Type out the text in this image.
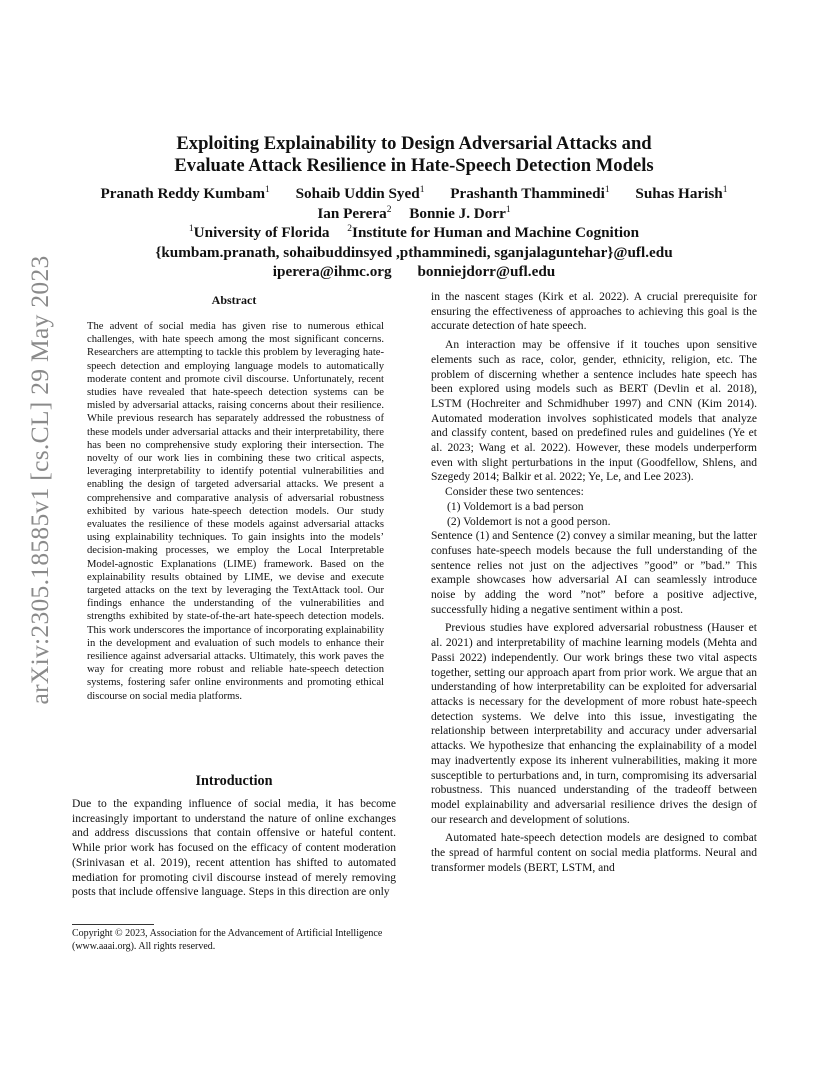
arXiv:2305.18585v1 [cs.CL] 29 May 2023
Exploiting Explainability to Design Adversarial Attacks and
Evaluate Attack Resilience in Hate-Speech Detection Models
Pranath Reddy Kumbam$^1$ Sohaib Uddin Syed$^1$ Prashanth Thamminedi$^1$ Suhas Harish$^1$
Ian Perera$^2$ Bonnie J. Dorr$^1$
$^1$University of Florida $^2$Institute for Human and Machine Cognition
{kumbam.pranath, sohaibuddinsyed ,pthamminedi, sganjalaguntehar}@ufl.edu
iperera@ihmc.org bonniejdorr@ufl.edu
Abstract
The advent of social media has given rise to numerous ethical challenges, with hate speech among the most significant concerns. Researchers are attempting to tackle this problem by leveraging hate-speech detection and employing language models to automatically moderate content and promote civil discourse. Unfortunately, recent studies have revealed that hate-speech detection systems can be misled by adversarial attacks, raising concerns about their resilience. While previous research has separately addressed the robustness of these models under adversarial attacks and their interpretability, there has been no comprehensive study exploring their intersection. The novelty of our work lies in combining these two critical aspects, leveraging interpretability to identify potential vulnerabilities and enabling the design of targeted adversarial attacks. We present a comprehensive and comparative analysis of adversarial robustness exhibited by various hate-speech detection models. Our study evaluates the resilience of these models against adversarial attacks using explainability techniques. To gain insights into the models’ decision-making processes, we employ the Local Interpretable Model-agnostic Explanations (LIME) framework. Based on the explainability results obtained by LIME, we devise and execute targeted attacks on the text by leveraging the TextAttack tool. Our findings enhance the understanding of the vulnerabilities and strengths exhibited by state-of-the-art hate-speech detection models. This work underscores the importance of incorporating explainability in the development and evaluation of such models to enhance their resilience against adversarial attacks. Ultimately, this work paves the way for creating more robust and reliable hate-speech detection systems, fostering safer online environments and promoting ethical discourse on social media platforms.
Introduction

Due to the expanding influence of social media, it has become increasingly important to understand the nature of online exchanges and address discussions that contain offensive or hateful content. While prior work has focused on the efficacy of content moderation (Srinivasan et al. 2019), recent attention has shifted to automated mediation for promoting civil discourse instead of merely removing posts that include offensive language. Steps in this direction are only

Copyright © 2023, Association for the Advancement of Artificial Intelligence (www.aaai.org). All rights reserved.

in the nascent stages (Kirk et al. 2022). A crucial prerequisite for ensuring the effectiveness of approaches to achieving this goal is the accurate detection of hate speech.

An interaction may be offensive if it touches upon sensitive elements such as race, color, gender, ethnicity, religion, etc. The problem of discerning whether a sentence includes hate speech has been explored using models such as BERT (Devlin et al. 2018), LSTM (Hochreiter and Schmidhuber 1997) and CNN (Kim 2014). Automated moderation involves sophisticated models that analyze and classify content, based on predefined rules and guidelines (Ye et al. 2023; Wang et al. 2022). However, these models underperform even with slight perturbations in the input (Goodfellow, Shlens, and Szegedy 2014; Balkir et al. 2022; Ye, Le, and Lee 2023).

Consider these two sentences:

(1) Voldemort is a bad person

(2) Voldemort is not a good person.

Sentence (1) and Sentence (2) convey a similar meaning, but the latter confuses hate-speech models because the full understanding of the sentence relies not just on the adjectives ”good” or ”bad.” This example showcases how adversarial AI can seamlessly introduce noise by adding the word ”not” before a positive adjective, successfully hiding a negative sentiment within a post.

Previous studies have explored adversarial robustness (Hauser et al. 2021) and interpretability of machine learning models (Mehta and Passi 2022) independently. Our work brings these two vital aspects together, setting our approach apart from prior work. We argue that an understanding of how interpretability can be exploited for adversarial attacks is necessary for the development of more robust hate-speech detection systems. We delve into this issue, investigating the relationship between interpretability and accuracy under adversarial attacks. We hypothesize that enhancing the explainability of a model may inadvertently expose its inherent vulnerabilities, making it more susceptible to perturbations and, in turn, compromising its adversarial robustness. This nuanced understanding of the tradeoff between model explainability and adversarial resilience drives the design of our research and development of solutions.

Automated hate-speech detection models are designed to combat the spread of harmful content on social media platforms. Neural and transformer models (BERT, LSTM, and
